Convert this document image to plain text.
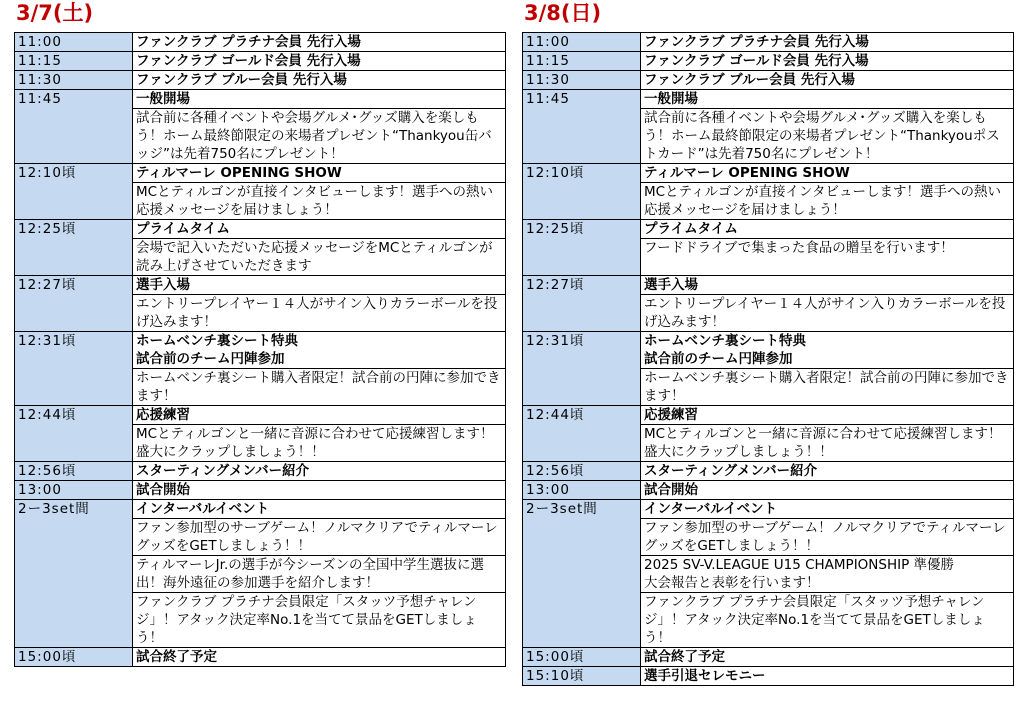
3/7(土)
11:00	ファンクラブ プラチナ会員 先行入場
11:15	ファンクラブ ゴールド会員 先行入場
11:30	ファンクラブ ブルー会員 先行入場
11:45	一般開場
	試合前に各種イベントや会場グルメ･グッズ購入を楽しもう！ホーム最終節限定の来場者プレゼント“Thankyou缶バッジ”は先着750名にプレゼント！
12:10頃	ティルマーレ OPENING SHOW
	MCとティルゴンが直接インタビューします！選手への熱い応援メッセージを届けましょう！
12:25頃	プライムタイム
	会場で記入いただいた応援メッセージをMCとティルゴンが読み上げさせていただきます
12:27頃	選手入場
	エントリープレイヤー１４人がサイン入りカラーボールを投げ込みます！
12:31頃	ホームベンチ裏シート特典
試合前のチーム円陣参加
	ホームベンチ裏シート購入者限定！試合前の円陣に参加できます！
12:44頃	応援練習
	MCとティルゴンと一緒に音源に合わせて応援練習します！盛大にクラップしましょう！！
12:56頃	スターティングメンバー紹介
13:00	試合開始
2ー3set間	インターバルイベント
	ファン参加型のサーブゲーム！ノルマクリアでティルマーレグッズをGETしましょう！！
	ティルマーレJr.の選手が今シーズンの全国中学生選抜に選出！海外遠征の参加選手を紹介します！
	ファンクラブ プラチナ会員限定「スタッツ予想チャレンジ」！アタック決定率No.1を当てて景品をGETしましょう！
15:00頃	試合終了予定
3/8(日)
11:00	ファンクラブ プラチナ会員 先行入場
11:15	ファンクラブ ゴールド会員 先行入場
11:30	ファンクラブ ブルー会員 先行入場
11:45	一般開場
	試合前に各種イベントや会場グルメ･グッズ購入を楽しもう！ホーム最終節限定の来場者プレゼント“Thankyouポストカード”は先着750名にプレゼント！
12:10頃	ティルマーレ OPENING SHOW
	MCとティルゴンが直接インタビューします！選手への熱い応援メッセージを届けましょう！
12:25頃	プライムタイム
	フードドライブで集まった食品の贈呈を行います！

12:27頃	選手入場
	エントリープレイヤー１４人がサイン入りカラーボールを投げ込みます！
12:31頃	ホームベンチ裏シート特典
試合前のチーム円陣参加
	ホームベンチ裏シート購入者限定！試合前の円陣に参加できます！
12:44頃	応援練習
	MCとティルゴンと一緒に音源に合わせて応援練習します！盛大にクラップしましょう！！
12:56頃	スターティングメンバー紹介
13:00	試合開始
2ー3set間	インターバルイベント
	ファン参加型のサーブゲーム！ノルマクリアでティルマーレグッズをGETしましょう！！
	2025 SV-V.LEAGUE U15 CHAMPIONSHIP 準優勝
大会報告と表彰を行います！
	ファンクラブ プラチナ会員限定「スタッツ予想チャレンジ」！アタック決定率No.1を当てて景品をGETしましょう！
15:00頃	試合終了予定
15:10頃	選手引退セレモニー
